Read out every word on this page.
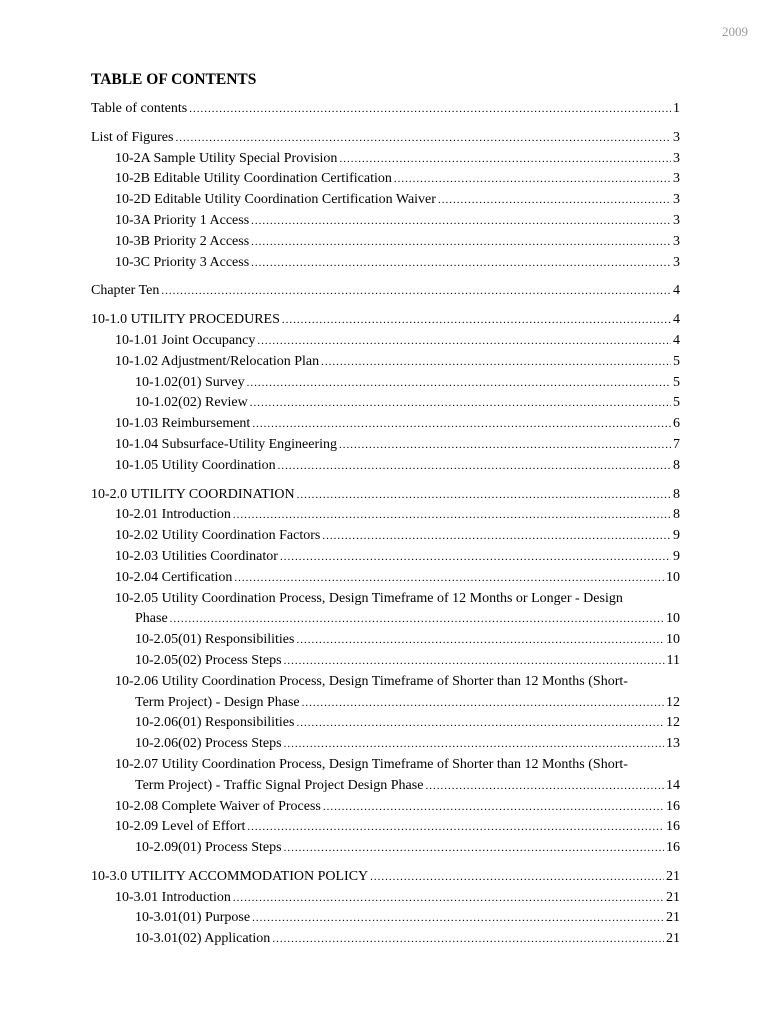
2009
TABLE OF CONTENTS
Table of contents .....	1
List of Figures .....	3
10-2A Sample Utility Special Provision .....	3
10-2B Editable Utility Coordination Certification .....	3
10-2D Editable Utility Coordination Certification Waiver .....	3
10-3A Priority 1 Access .....	3
10-3B Priority 2 Access .....	3
10-3C Priority 3 Access .....	3
Chapter Ten .....	4
10-1.0 UTILITY PROCEDURES .....	4
10-1.01 Joint Occupancy .....	4
10-1.02 Adjustment/Relocation Plan .....	5
10-1.02(01) Survey .....	5
10-1.02(02) Review .....	5
10-1.03 Reimbursement .....	6
10-1.04 Subsurface-Utility Engineering .....	7
10-1.05 Utility Coordination .....	8
10-2.0 UTILITY COORDINATION .....	8
10-2.01 Introduction .....	8
10-2.02 Utility Coordination Factors .....	9
10-2.03 Utilities Coordinator .....	9
10-2.04 Certification .....	10
10-2.05 Utility Coordination Process, Design Timeframe of 12 Months or Longer - Design
Phase .....	10
10-2.05(01) Responsibilities .....	10
10-2.05(02) Process Steps .....	11
10-2.06 Utility Coordination Process, Design Timeframe of Shorter than 12 Months (Short-
Term Project) - Design Phase .....	12
10-2.06(01) Responsibilities .....	12
10-2.06(02) Process Steps .....	13
10-2.07 Utility Coordination Process, Design Timeframe of Shorter than 12 Months (Short-
Term Project) - Traffic Signal Project Design Phase .....	14
10-2.08 Complete Waiver of Process .....	16
10-2.09 Level of Effort .....	16
10-2.09(01) Process Steps .....	16
10-3.0 UTILITY ACCOMMODATION POLICY .....	21
10-3.01 Introduction .....	21
10-3.01(01) Purpose .....	21
10-3.01(02) Application .....	21
